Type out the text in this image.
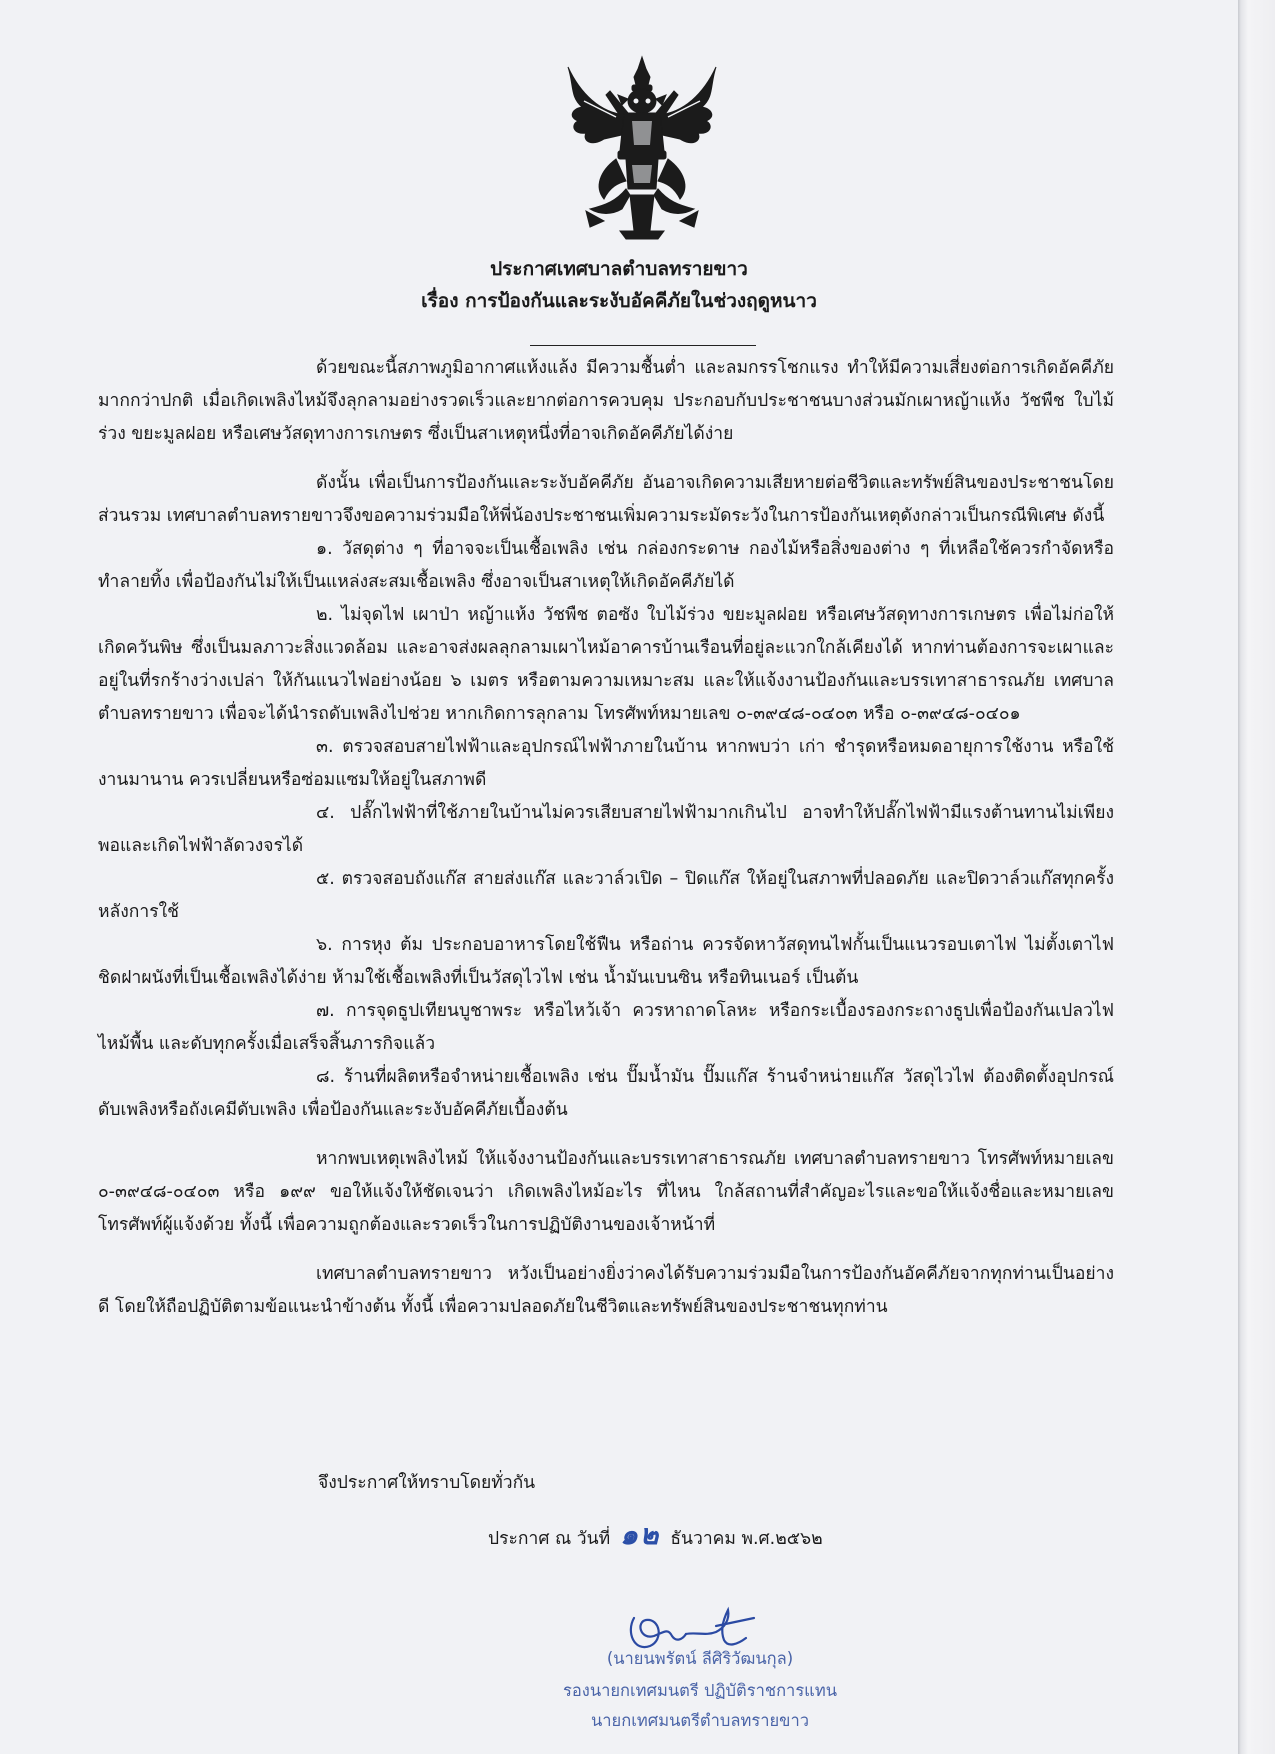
ประกาศเทศบาลตำบลทรายขาว
เรื่อง การป้องกันและระงับอัคคีภัยในช่วงฤดูหนาว

ด้วยขณะนี้สภาพภูมิอากาศแห้งแล้ง มีความชื้นต่ำ และลมกรรโชกแรง ทำให้มีความเสี่ยงต่อการเกิดอัคคีภัยมากกว่าปกติ เมื่อเกิดเพลิงไหม้จึงลุกลามอย่างรวดเร็วและยากต่อการควบคุม ประกอบกับประชาชนบางส่วนมักเผาหญ้าแห้ง วัชพืช ใบไม้ร่วง ขยะมูลฝอย หรือเศษวัสดุทางการเกษตร ซึ่งเป็นสาเหตุหนึ่งที่อาจเกิดอัคคีภัยได้ง่าย

ดังนั้น เพื่อเป็นการป้องกันและระงับอัคคีภัย อันอาจเกิดความเสียหายต่อชีวิตและทรัพย์สินของประชาชนโดยส่วนรวม เทศบาลตำบลทรายขาวจึงขอความร่วมมือให้พี่น้องประชาชนเพิ่มความระมัดระวังในการป้องกันเหตุดังกล่าวเป็นกรณีพิเศษ ดังนี้

๑. วัสดุต่าง ๆ ที่อาจจะเป็นเชื้อเพลิง เช่น กล่องกระดาษ กองไม้หรือสิ่งของต่าง ๆ ที่เหลือใช้ควรกำจัดหรือทำลายทิ้ง เพื่อป้องกันไม่ให้เป็นแหล่งสะสมเชื้อเพลิง ซึ่งอาจเป็นสาเหตุให้เกิดอัคคีภัยได้

๒. ไม่จุดไฟ เผาป่า หญ้าแห้ง วัชพืช ตอซัง ใบไม้ร่วง ขยะมูลฝอย หรือเศษวัสดุทางการเกษตร เพื่อไม่ก่อให้เกิดควันพิษ ซึ่งเป็นมลภาวะสิ่งแวดล้อม และอาจส่งผลลุกลามเผาไหม้อาคารบ้านเรือนที่อยู่ละแวกใกล้เคียงได้ หากท่านต้องการจะเผาและอยู่ในที่รกร้างว่างเปล่า ให้กันแนวไฟอย่างน้อย ๖ เมตร หรือตามความเหมาะสม และให้แจ้งงานป้องกันและบรรเทาสาธารณภัย เทศบาลตำบลทรายขาว เพื่อจะได้นำรถดับเพลิงไปช่วย หากเกิดการลุกลาม โทรศัพท์หมายเลข ๐-๓๙๔๘-๐๔๐๓ หรือ ๐-๓๙๔๘-๐๔๐๑

๓. ตรวจสอบสายไฟฟ้าและอุปกรณ์ไฟฟ้าภายในบ้าน หากพบว่า เก่า ชำรุดหรือหมดอายุการใช้งาน หรือใช้งานมานาน ควรเปลี่ยนหรือซ่อมแซมให้อยู่ในสภาพดี

๔. ปลั๊กไฟฟ้าที่ใช้ภายในบ้านไม่ควรเสียบสายไฟฟ้ามากเกินไป อาจทำให้ปลั๊กไฟฟ้ามีแรงต้านทานไม่เพียงพอและเกิดไฟฟ้าลัดวงจรได้

๕. ตรวจสอบถังแก๊ส สายส่งแก๊ส และวาล์วเปิด – ปิดแก๊ส ให้อยู่ในสภาพที่ปลอดภัย และปิดวาล์วแก๊สทุกครั้งหลังการใช้

๖. การหุง ต้ม ประกอบอาหารโดยใช้ฟืน หรือถ่าน ควรจัดหาวัสดุทนไฟกั้นเป็นแนวรอบเตาไฟ ไม่ตั้งเตาไฟชิดฝาผนังที่เป็นเชื้อเพลิงได้ง่าย ห้ามใช้เชื้อเพลิงที่เป็นวัสดุไวไฟ เช่น น้ำมันเบนซิน หรือทินเนอร์ เป็นต้น

๗. การจุดธูปเทียนบูชาพระ หรือไหว้เจ้า ควรหาถาดโลหะ หรือกระเบื้องรองกระถางธูปเพื่อป้องกันเปลวไฟไหม้พื้น และดับทุกครั้งเมื่อเสร็จสิ้นภารกิจแล้ว

๘. ร้านที่ผลิตหรือจำหน่ายเชื้อเพลิง เช่น ปั๊มน้ำมัน ปั๊มแก๊ส ร้านจำหน่ายแก๊ส วัสดุไวไฟ ต้องติดตั้งอุปกรณ์ดับเพลิงหรือถังเคมีดับเพลิง เพื่อป้องกันและระงับอัคคีภัยเบื้องต้น

หากพบเหตุเพลิงไหม้ ให้แจ้งงานป้องกันและบรรเทาสาธารณภัย เทศบาลตำบลทรายขาว โทรศัพท์หมายเลข ๐-๓๙๔๘-๐๔๐๓ หรือ ๑๙๙ ขอให้แจ้งให้ชัดเจนว่า เกิดเพลิงไหม้อะไร ที่ไหน ใกล้สถานที่สำคัญอะไรและขอให้แจ้งชื่อและหมายเลขโทรศัพท์ผู้แจ้งด้วย ทั้งนี้ เพื่อความถูกต้องและรวดเร็วในการปฏิบัติงานของเจ้าหน้าที่

เทศบาลตำบลทรายขาว หวังเป็นอย่างยิ่งว่าคงได้รับความร่วมมือในการป้องกันอัคคีภัยจากทุกท่านเป็นอย่างดี โดยให้ถือปฏิบัติตามข้อแนะนำข้างต้น ทั้งนี้ เพื่อความปลอดภัยในชีวิตและทรัพย์สินของประชาชนทุกท่าน

จึงประกาศให้ทราบโดยทั่วกัน
ประกาศ ณ วันที่ ๑๒ ธันวาคม พ.ศ.๒๕๖๒
(นายนพรัตน์ ลีศิริวัฒนกุล)
รองนายกเทศมนตรี ปฏิบัติราชการแทน
นายกเทศมนตรีตำบลทรายขาว
